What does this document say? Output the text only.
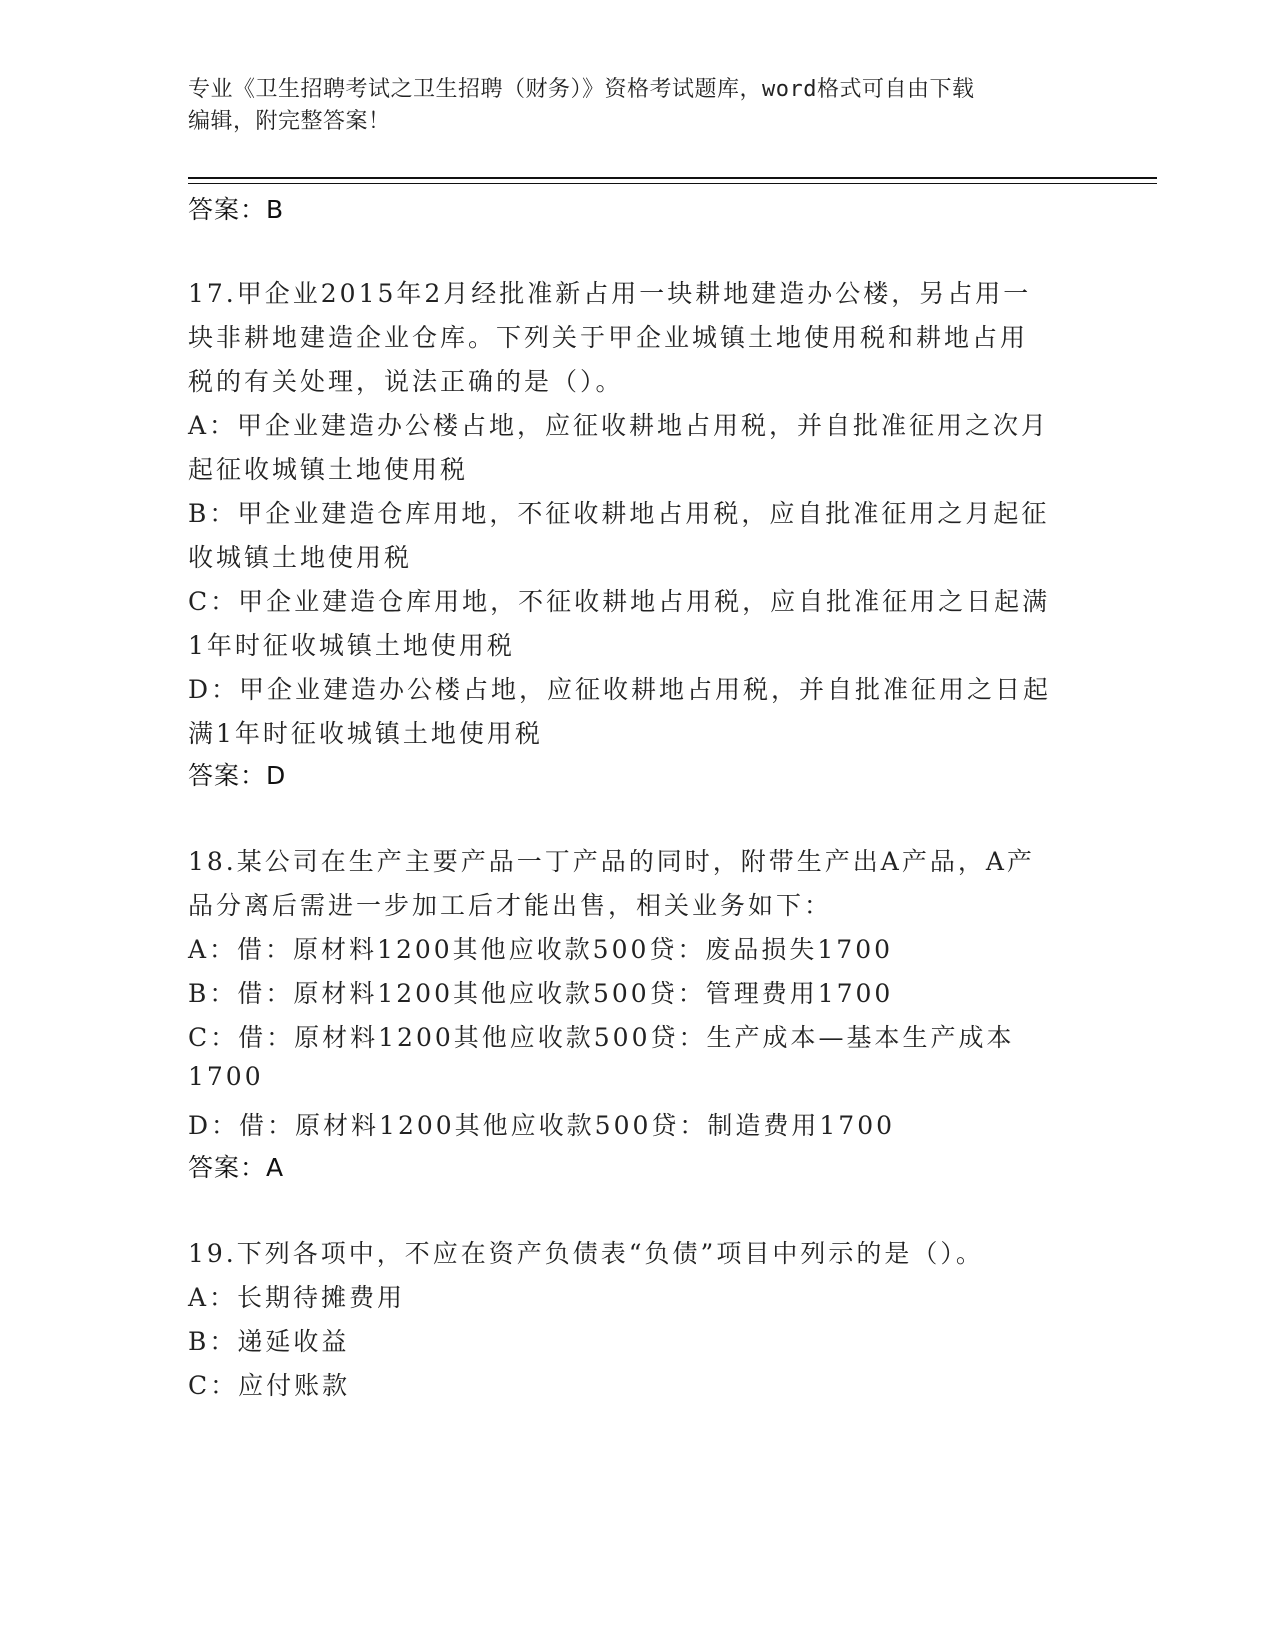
专业《卫生招聘考试之卫生招聘（财务）》资格考试题库，word格式可自由下载
编辑，附完整答案！
答案：B
17.甲企业2015年2月经批准新占用一块耕地建造办公楼，另占用一
块非耕地建造企业仓库。下列关于甲企业城镇土地使用税和耕地占用
税的有关处理，说法正确的是（）。
A：甲企业建造办公楼占地，应征收耕地占用税，并自批准征用之次月
起征收城镇土地使用税
B：甲企业建造仓库用地，不征收耕地占用税，应自批准征用之月起征
收城镇土地使用税
C：甲企业建造仓库用地，不征收耕地占用税，应自批准征用之日起满
1年时征收城镇土地使用税
D：甲企业建造办公楼占地，应征收耕地占用税，并自批准征用之日起
满1年时征收城镇土地使用税
答案：D
18.某公司在生产主要产品一丁产品的同时，附带生产出A产品，A产
品分离后需进一步加工后才能出售，相关业务如下：
A：借：原材料1200其他应收款500贷：废品损失1700
B：借：原材料1200其他应收款500贷：管理费用1700
C：借：原材料1200其他应收款500贷：生产成本—基本生产成本
1700
D：借：原材料1200其他应收款500贷：制造费用1700
答案：A
19.下列各项中，不应在资产负债表“负债”项目中列示的是（）。
A：长期待摊费用
B：递延收益
C：应付账款
